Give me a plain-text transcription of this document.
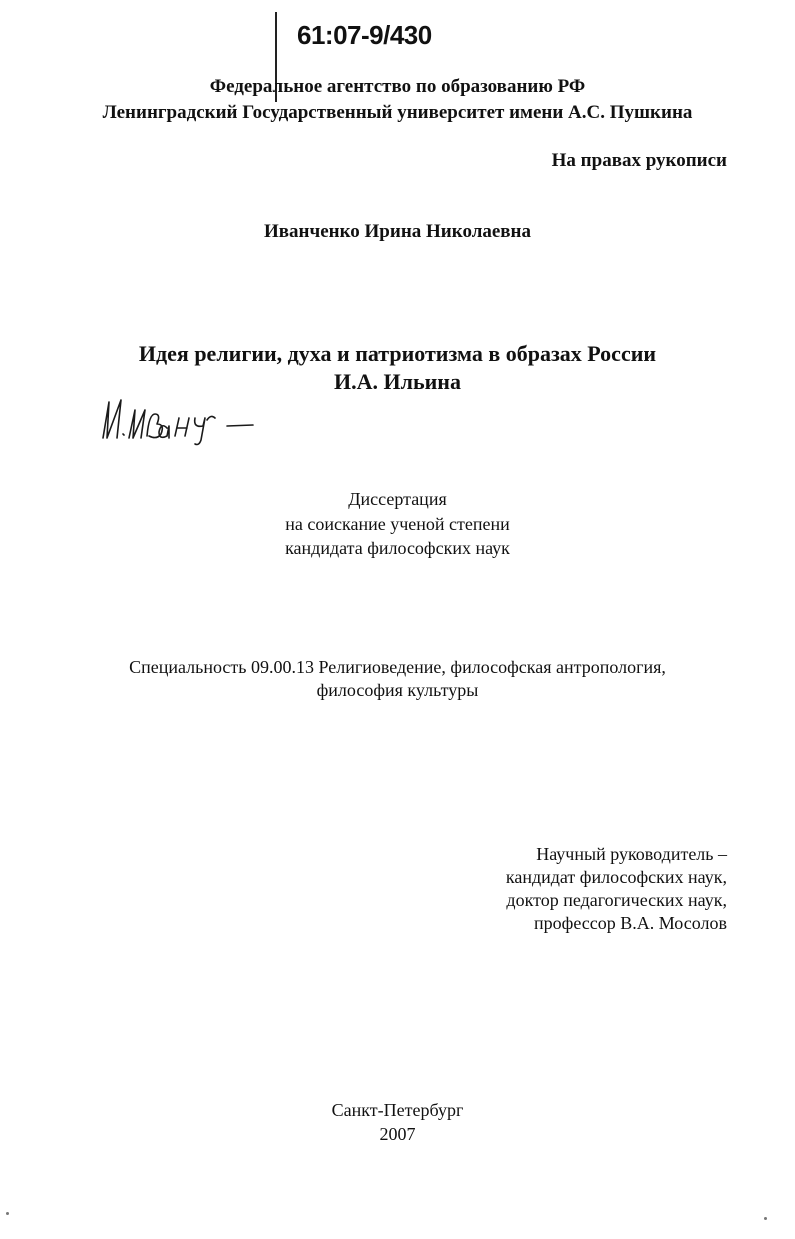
61:07-9/430

Федеральное агентство по образованию РФ

Ленинградский Государственный университет имени А.С. Пушкина

На правах рукописи

Иванченко Ирина Николаевна

Идея религии, духа и патриотизма в образах России

И.А. Ильина

Диссертация

на соискание ученой степени

кандидата философских наук

Специальность 09.00.13 Религиоведение, философская антропология,

философия культуры

Научный руководитель –
кандидат философских наук,
доктор педагогических наук,
профессор В.А. Мосолов

Санкт-Петербург

2007
